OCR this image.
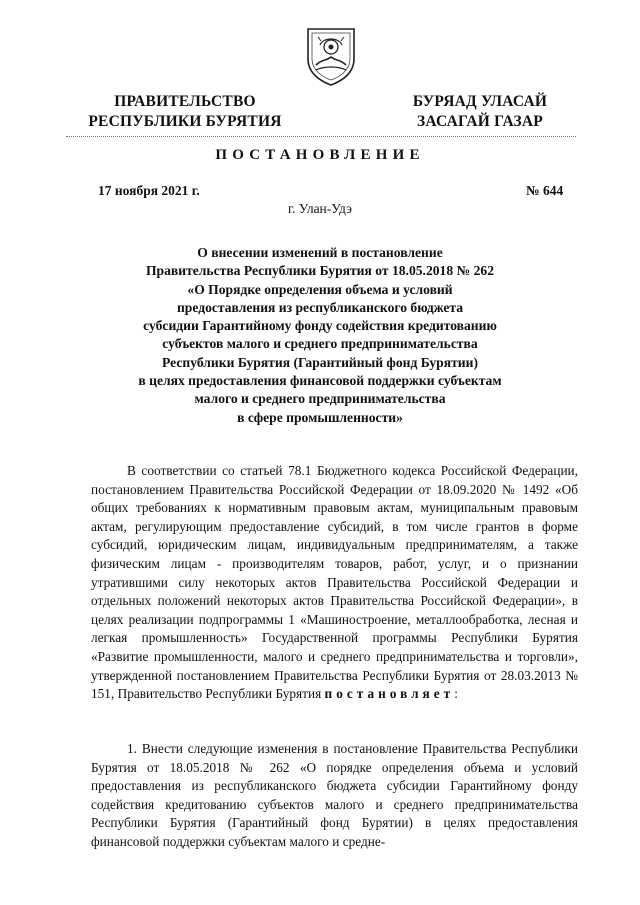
ПРАВИТЕЛЬСТВО
РЕСПУБЛИКИ БУРЯТИЯ
БУРЯАД УЛАСАЙ
ЗАСАГАЙ ГАЗАР
ПОСТАНОВЛЕНИЕ
17 ноября 2021 г.	№ 644
г. Улан-Удэ
О внесении изменений в постановление
Правительства Республики Бурятия от 18.05.2018 № 262
«О Порядке определения объема и условий
предоставления из республиканского бюджета
субсидии Гарантийному фонду содействия кредитованию
субъектов малого и среднего предпринимательства
Республики Бурятия (Гарантийный фонд Бурятии)
в целях предоставления финансовой поддержки субъектам
малого и среднего предпринимательства
в сфере промышленности»
В соответствии со статьей 78.1 Бюджетного кодекса Российской Федерации, постановлением Правительства Российской Федерации от 18.09.2020 № 1492 «Об общих требованиях к нормативным правовым актам, муниципальным правовым актам, регулирующим предоставление субсидий, в том числе грантов в форме субсидий, юридическим лицам, индивидуальным предпринимателям, а также физическим лицам - производителям товаров, работ, услуг, и о признании утратившими силу некоторых актов Правительства Российской Федерации и отдельных положений некоторых актов Правительства Российской Федерации», в целях реализации подпрограммы 1 «Машиностроение, металлообработка, лесная и легкая промышленность» Государственной программы Республики Бурятия «Развитие промышленности, малого и среднего предпринимательства и торговли», утвержденной постановлением Правительства Республики Бурятия от 28.03.2013 № 151, Правительство Республики Бурятия постановляет:
1. Внести следующие изменения в постановление Правительства Республики Бурятия от 18.05.2018 № 262 «О порядке определения объема и условий предоставления из республиканского бюджета субсидии Гарантийному фонду содействия кредитованию субъектов малого и среднего предпринимательства Республики Бурятия (Гарантийный фонд Бурятии) в целях предоставления финансовой поддержки субъектам малого и средне-
